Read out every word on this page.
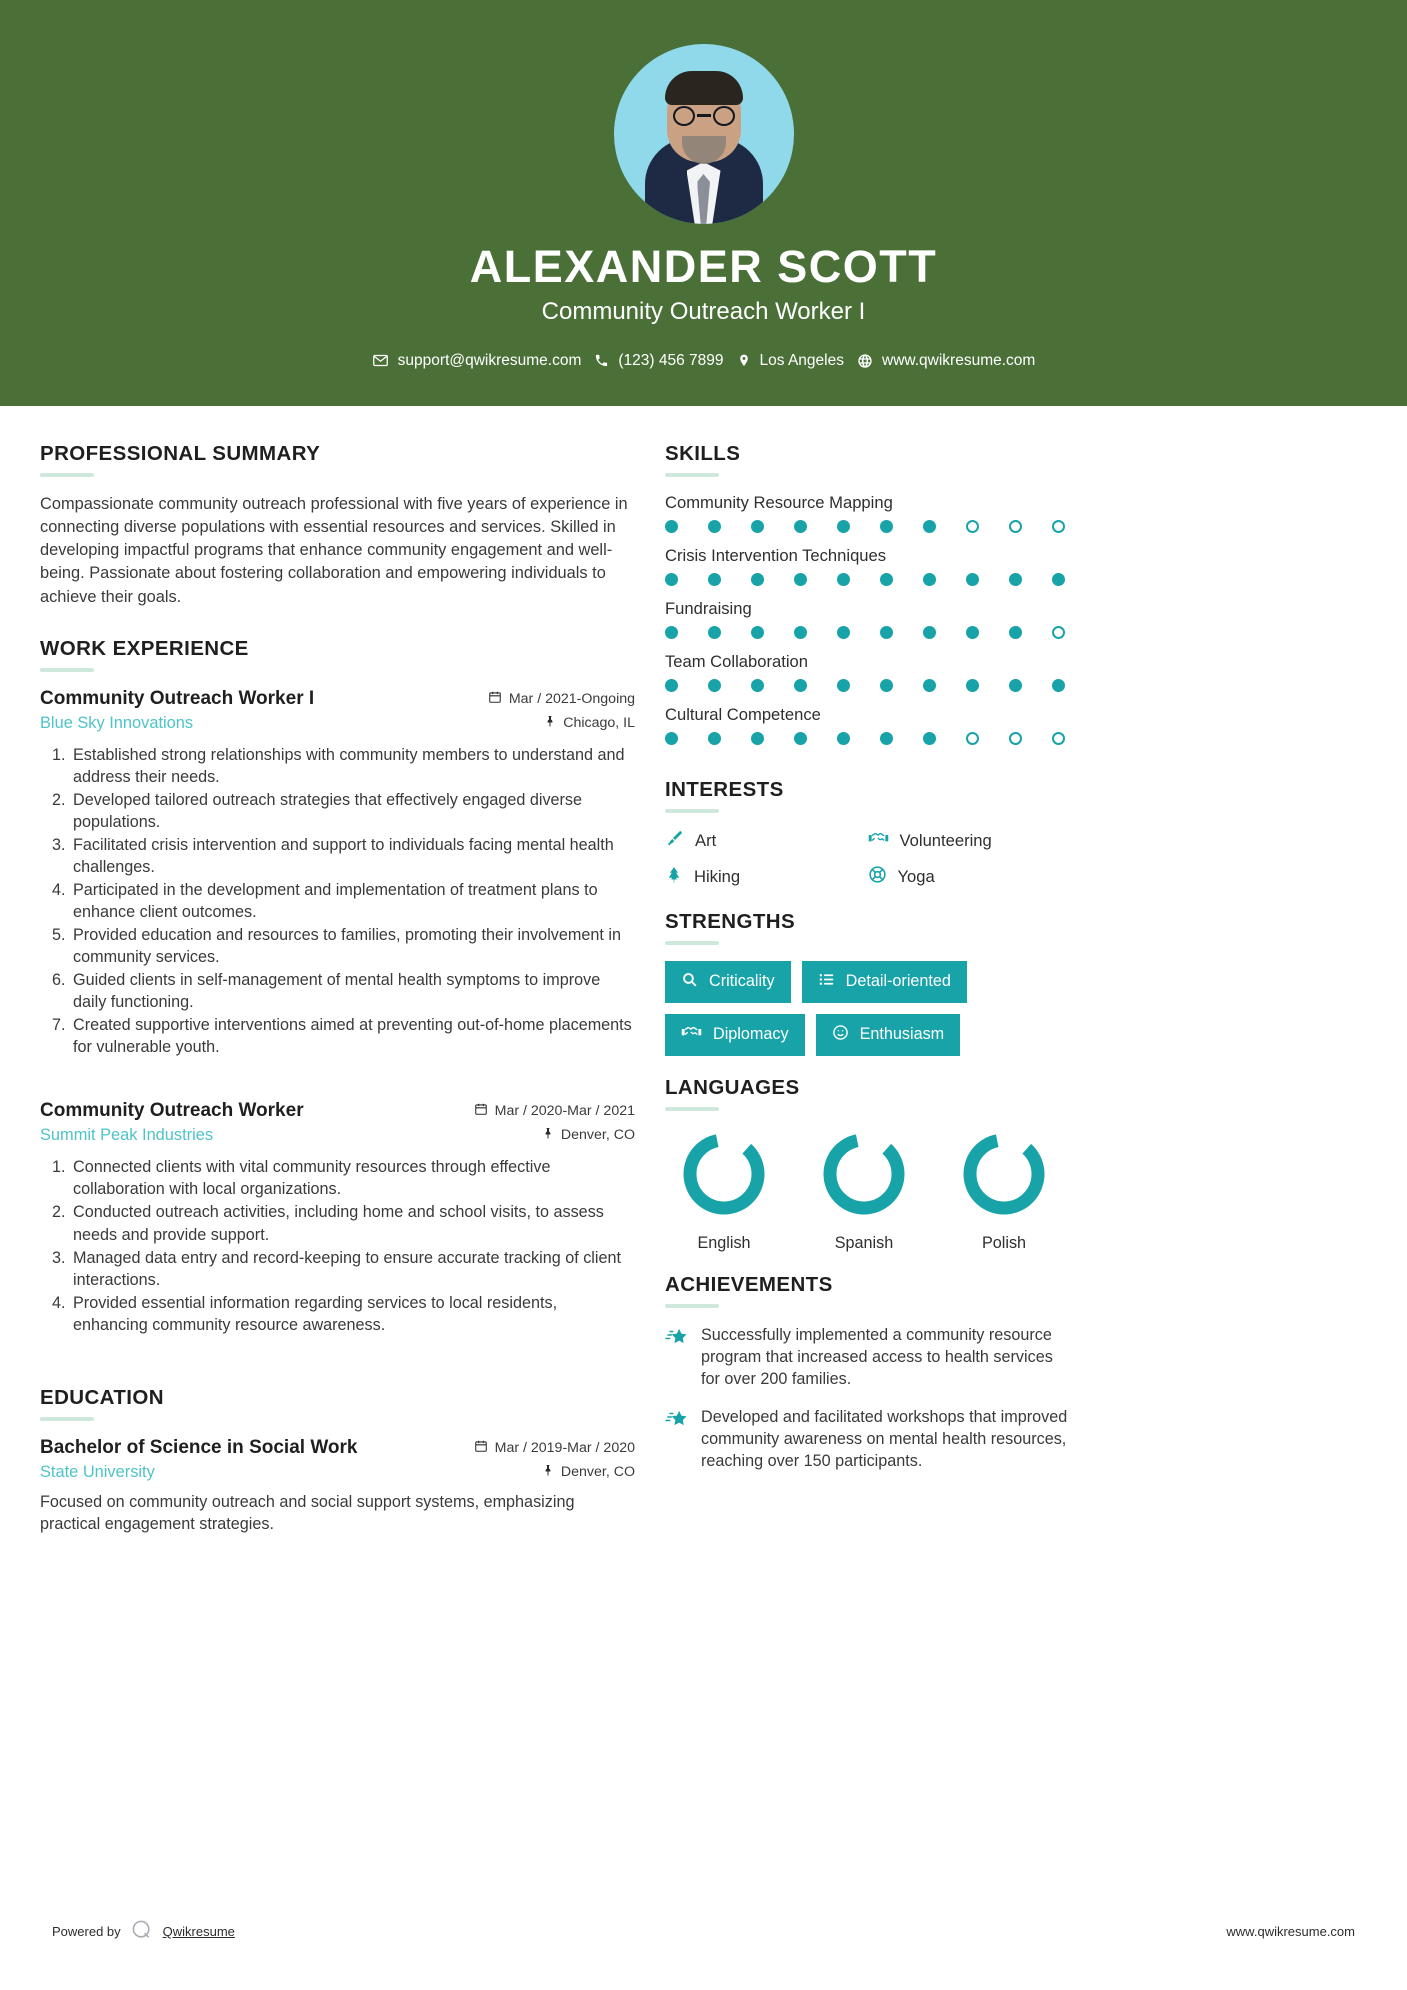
ALEXANDER SCOTT
Community Outreach Worker I
support@qwikresume.com (123) 456 7899 Los Angeles www.qwikresume.com
PROFESSIONAL SUMMARY
Compassionate community outreach professional with five years of experience in connecting diverse populations with essential resources and services. Skilled in developing impactful programs that enhance community engagement and well-being. Passionate about fostering collaboration and empowering individuals to achieve their goals.
WORK EXPERIENCE
Community Outreach Worker I	Mar / 2021-Ongoing
Blue Sky Innovations	Chicago, IL
1. Established strong relationships with community members to understand and address their needs.
2. Developed tailored outreach strategies that effectively engaged diverse populations.
3. Facilitated crisis intervention and support to individuals facing mental health challenges.
4. Participated in the development and implementation of treatment plans to enhance client outcomes.
5. Provided education and resources to families, promoting their involvement in community services.
6. Guided clients in self-management of mental health symptoms to improve daily functioning.
7. Created supportive interventions aimed at preventing out-of-home placements for vulnerable youth.
Community Outreach Worker	Mar / 2020-Mar / 2021
Summit Peak Industries	Denver, CO
1. Connected clients with vital community resources through effective collaboration with local organizations.
2. Conducted outreach activities, including home and school visits, to assess needs and provide support.
3. Managed data entry and record-keeping to ensure accurate tracking of client interactions.
4. Provided essential information regarding services to local residents, enhancing community resource awareness.
EDUCATION
Bachelor of Science in Social Work	Mar / 2019-Mar / 2020
State University	Denver, CO
Focused on community outreach and social support systems, emphasizing practical engagement strategies.
SKILLS
Community Resource Mapping
Crisis Intervention Techniques
Fundraising
Team Collaboration
Cultural Competence
INTERESTS
Art	Volunteering
Hiking	Yoga
STRENGTHS
Criticality	Detail-oriented
Diplomacy	Enthusiasm
LANGUAGES
English	Spanish	Polish
ACHIEVEMENTS
Successfully implemented a community resource program that increased access to health services for over 200 families.
Developed and facilitated workshops that improved community awareness on mental health resources, reaching over 150 participants.
Powered by	Qwikresume	www.qwikresume.com
